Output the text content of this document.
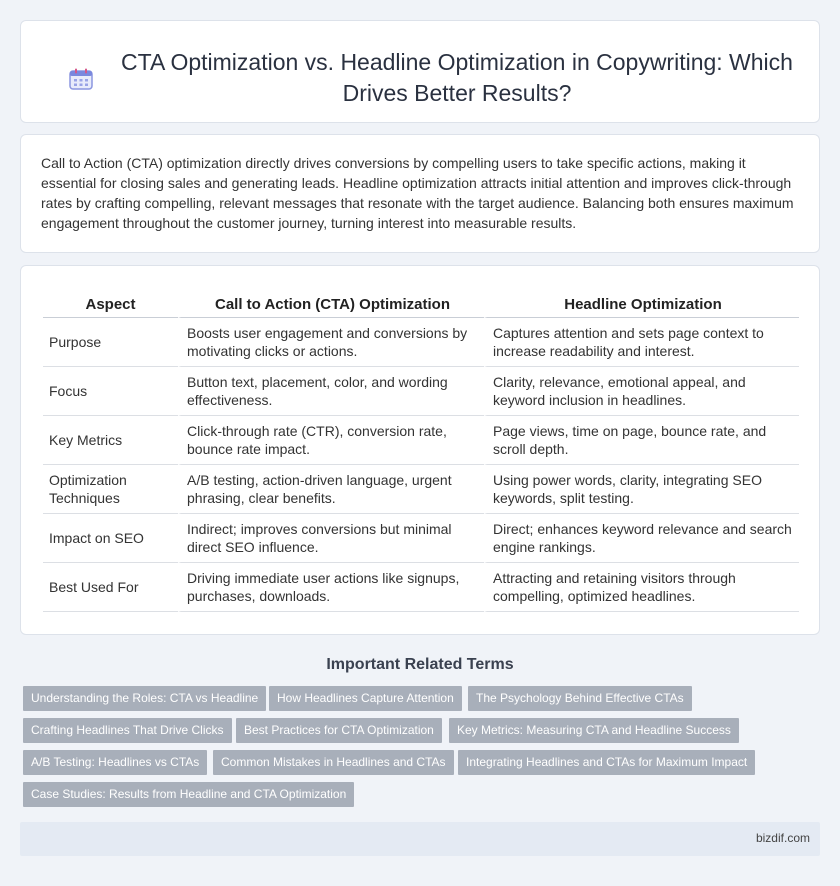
CTA Optimization vs. Headline Optimization in Copywriting: Which Drives Better Results?

Call to Action (CTA) optimization directly drives conversions by compelling users to take specific actions, making it essential for closing sales and generating leads. Headline optimization attracts initial attention and improves click-through rates by crafting compelling, relevant messages that resonate with the target audience. Balancing both ensures maximum engagement throughout the customer journey, turning interest into measurable results.

Aspect	Call to Action (CTA) Optimization	Headline Optimization
Purpose	Boosts user engagement and conversions by motivating clicks or actions.	Captures attention and sets page context to increase readability and interest.
Focus	Button text, placement, color, and wording effectiveness.	Clarity, relevance, emotional appeal, and keyword inclusion in headlines.
Key Metrics	Click-through rate (CTR), conversion rate, bounce rate impact.	Page views, time on page, bounce rate, and scroll depth.
Optimization Techniques	A/B testing, action-driven language, urgent phrasing, clear benefits.	Using power words, clarity, integrating SEO keywords, split testing.
Impact on SEO	Indirect; improves conversions but minimal direct SEO influence.	Direct; enhances keyword relevance and search engine rankings.
Best Used For	Driving immediate user actions like signups, purchases, downloads.	Attracting and retaining visitors through compelling, optimized headlines.
Important Related Terms
Understanding the Roles: CTA vs Headline	How Headlines Capture Attention	The Psychology Behind Effective CTAs
Crafting Headlines That Drive Clicks	Best Practices for CTA Optimization	Key Metrics: Measuring CTA and Headline Success
A/B Testing: Headlines vs CTAs	Common Mistakes in Headlines and CTAs	Integrating Headlines and CTAs for Maximum Impact
Case Studies: Results from Headline and CTA Optimization
bizdif.com
